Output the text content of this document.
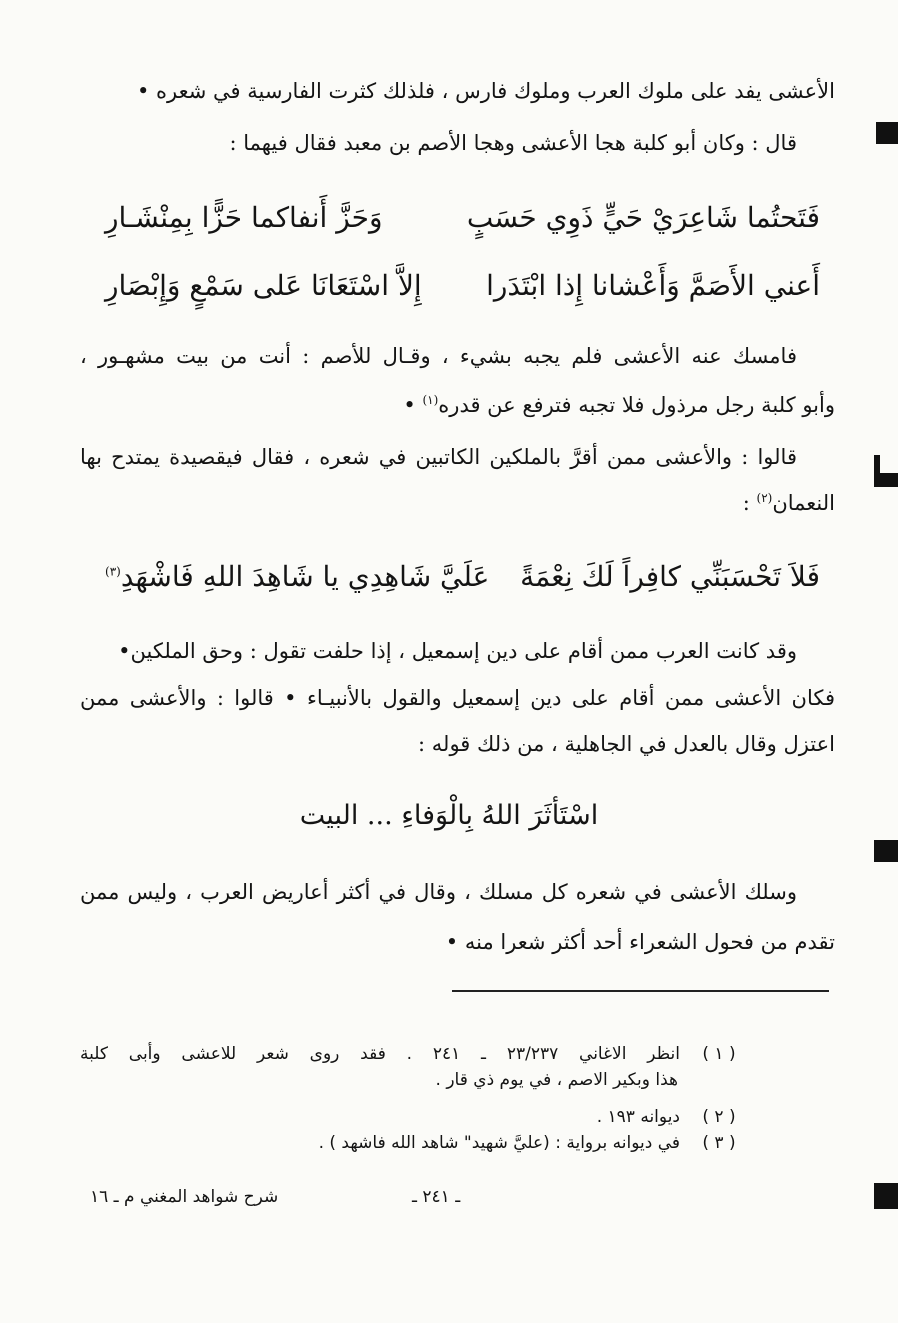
الأعشى يفد على ملوك العرب وملوك فارس ، فلذلك كثرت الفارسية في شعره •
قال : وكان أبو كلبة هجا الأعشى وهجا الأصم بن معبد فقال فيهما :
فَتَحتُما شَاعِرَيْ حَيٍّ ذَوِي حَسَبٍ
وَحَزَّ أَنفاكما حَزًّا بِمِنْشَـارِ
أَعني الأَصَمَّ وَأَعْشانا إِذا ابْتَدَرا
إِلاَّ اسْتَعَانَا عَلى سَمْعٍ وَإِبْصَارِ
فامسك عنه الأعشى فلم يجبه بشيء ، وقـال للأصم : أنت من بيت مشهـور ،
وأبو كلبة رجل مرذول فلا تجبه فترفع عن قدره$^{(١)}$ •
قالوا : والأعشى ممن أقرَّ بالملكين الكاتبين في شعره ، فقال فيقصيدة يمتدح بها
النعمان$^{(٢)}$ :
فَلاَ تَحْسَبَنِّي كافِراً لَكَ نِعْمَةً
عَلَيَّ شَاهِدِي يا شَاهِدَ اللهِ فَاشْهَدِ$^{(٣)}$
وقد كانت العرب ممن أقام على دين إسمعيل ، إذا حلفت تقول : وحق الملكين•
فكان الأعشى ممن أقام على دين إسمعيل والقول بالأنبيـاء • قالوا : والأعشى ممن
اعتزل وقال بالعدل في الجاهلية ، من ذلك قوله :
اسْتَأثَرَ اللهُ بِالْوَفاءِ ... البيت
وسلك الأعشى في شعره كل مسلك ، وقال في أكثر أعاريض العرب ، وليس ممن
تقدم من فحول الشعراء أحد أكثر شعرا منه •
( ١ )
انظر الاغاني ٢٣/٢٣٧ ـ ٢٤١ . فقد روى شعر للاعشى وأبى كلبة
هذا وبكير الاصم ، في يوم ذي قار .
( ٢ )
ديوانه ١٩٣ .
( ٣ )
في ديوانه برواية : (عليَّ شهيد" شاهد الله فاشهد ) .
ـ ٢٤١ ـ
شرح شواهد المغني م ـ ١٦
